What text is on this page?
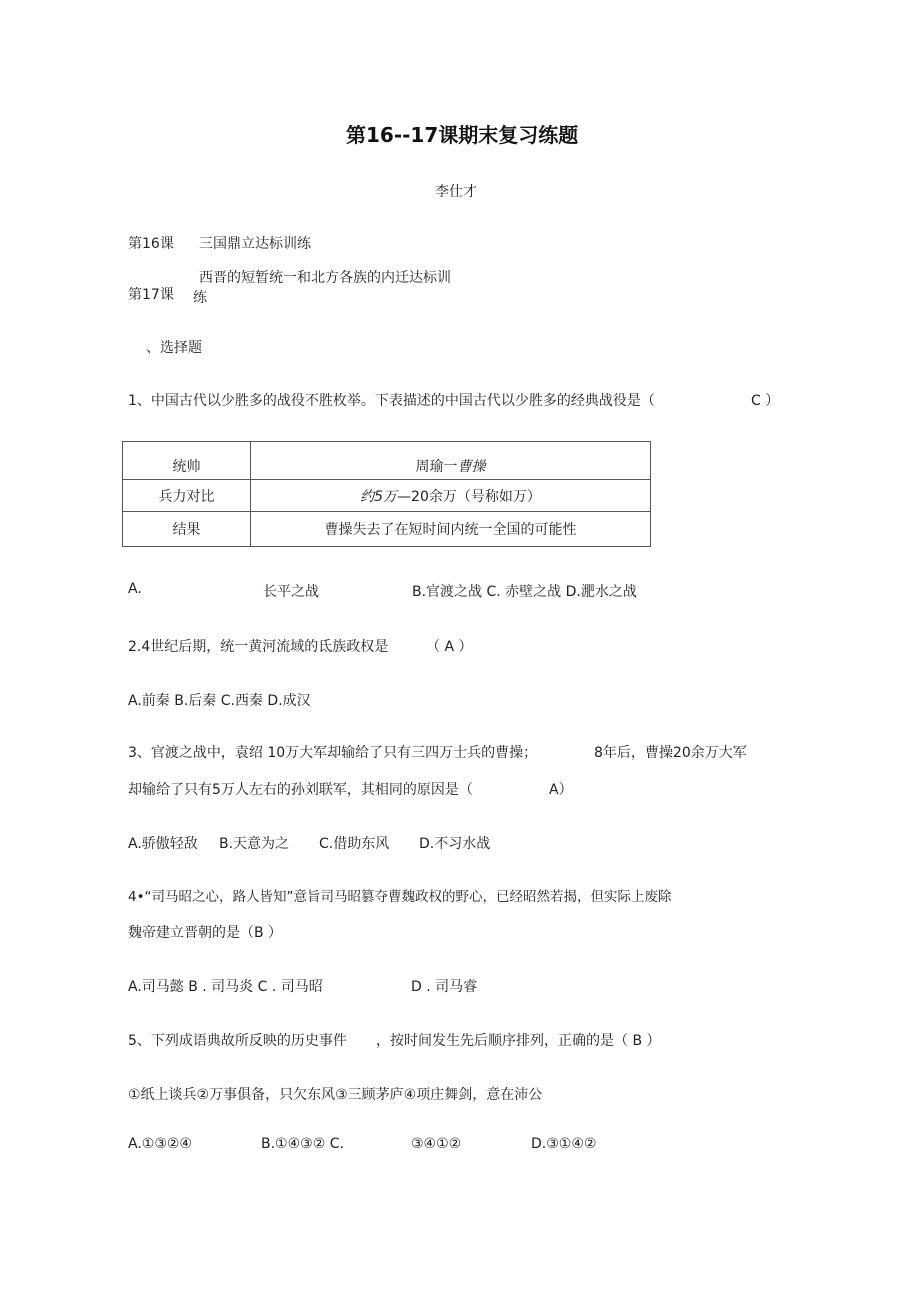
第16--17课期末复习练题
李仕才
第16课 三国鼎立达标训练
西晋的短暂统一和北方各族的内迁达标训
第17课 练
、选择题
1、中国古代以少胜多的战役不胜枚举。下表描述的中国古代以少胜多的经典战役是（	C ）
统帅	周瑜一曹操
兵力对比	约5万—20余万（号称如万）
结果	曹操失去了在短时间内统一全国的可能性
A.	长平之战	B.官渡之战 C. 赤壁之战 D.淝水之战
2.4世纪后期，统一黄河流域的氐族政权是	（ A ）
A.前秦 B.后秦 C.西秦 D.成汉
3、官渡之战中，袁绍 10万大军却输给了只有三四万士兵的曹操；	8年后，曹操20余万大军
却输给了只有5万人左右的孙刘联军，其相同的原因是（	A）
A.骄傲轻敌 B.天意为之 C.借助东风 D.不习水战
4•“司马昭之心，路人皆知”意旨司马昭篡夺曹魏政权的野心，已经昭然若揭，但实际上废除
魏帝建立晋朝的是（B ）
A.司马懿 B . 司马炎 C . 司马昭	D . 司马睿
5、下列成语典故所反映的历史事件 ，按时间发生先后顺序排列，正确的是（ B ）
①纸上谈兵②万事俱备，只欠东风③三顾茅庐④项庄舞剑，意在沛公
A.①③②④	B.①④③② C.	③④①②	D.③①④②
